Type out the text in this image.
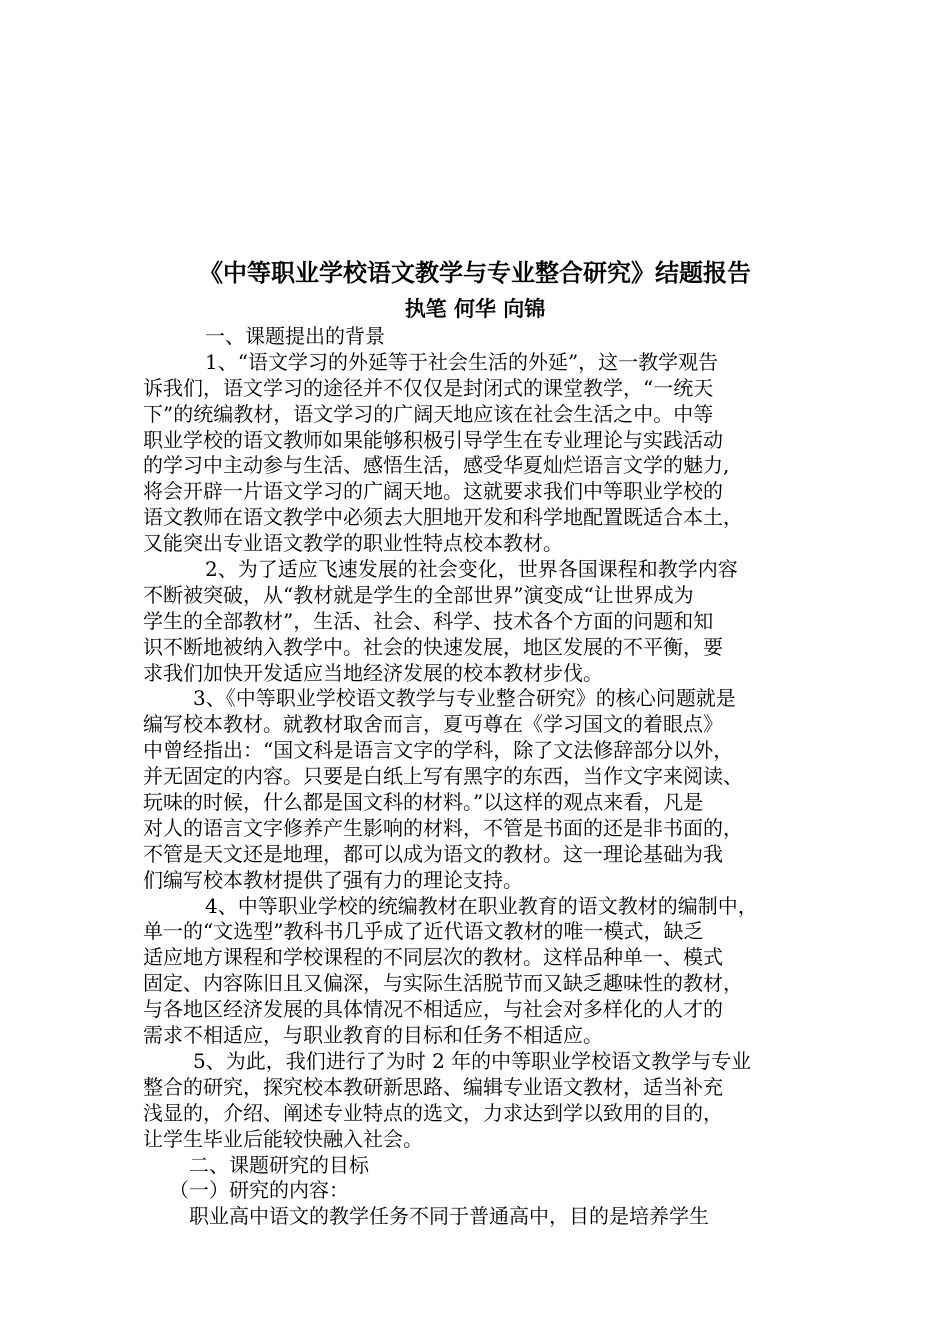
《中等职业学校语文教学与专业整合研究》结题报告
执笔 何华 向锦
一、课题提出的背景
1、“语文学习的外延等于社会生活的外延”，这一教学观告
诉我们，语文学习的途径并不仅仅是封闭式的课堂教学，“一统天
下”的统编教材，语文学习的广阔天地应该在社会生活之中。中等
职业学校的语文教师如果能够积极引导学生在专业理论与实践活动
的学习中主动参与生活、感悟生活，感受华夏灿烂语言文学的魅力,
将会开辟一片语文学习的广阔天地。这就要求我们中等职业学校的
语文教师在语文教学中必须去大胆地开发和科学地配置既适合本土，
又能突出专业语文教学的职业性特点校本教材。
2、为了适应飞速发展的社会变化，世界各国课程和教学内容
不断被突破，从“教材就是学生的全部世界”演变成“让世界成为
学生的全部教材”，生活、社会、科学、技术各个方面的问题和知
识不断地被纳入教学中。社会的快速发展，地区发展的不平衡，要
求我们加快开发适应当地经济发展的校本教材步伐。
3、《中等职业学校语文教学与专业整合研究》的核心问题就是
编写校本教材。就教材取舍而言，夏丏尊在《学习国文的着眼点》
中曾经指出：“国文科是语言文字的学科，除了文法修辞部分以外，
并无固定的内容。只要是白纸上写有黑字的东西，当作文字来阅读、
玩味的时候，什么都是国文科的材料。”以这样的观点来看，凡是
对人的语言文字修养产生影响的材料，不管是书面的还是非书面的，
不管是天文还是地理，都可以成为语文的教材。这一理论基础为我
们编写校本教材提供了强有力的理论支持。
4、中等职业学校的统编教材在职业教育的语文教材的编制中，
单一的“文选型”教科书几乎成了近代语文教材的唯一模式，缺乏
适应地方课程和学校课程的不同层次的教材。这样品种单一、模式
固定、内容陈旧且又偏深，与实际生活脱节而又缺乏趣味性的教材，
与各地区经济发展的具体情况不相适应，与社会对多样化的人才的
需求不相适应，与职业教育的目标和任务不相适应。
5、为此，我们进行了为时 2 年的中等职业学校语文教学与专业
整合的研究，探究校本教研新思路、编辑专业语文教材，适当补充
浅显的，介绍、阐述专业特点的选文，力求达到学以致用的目的，
让学生毕业后能较快融入社会。
二、课题研究的目标
（一）研究的内容：
职业高中语文的教学任务不同于普通高中，目的是培养学生
